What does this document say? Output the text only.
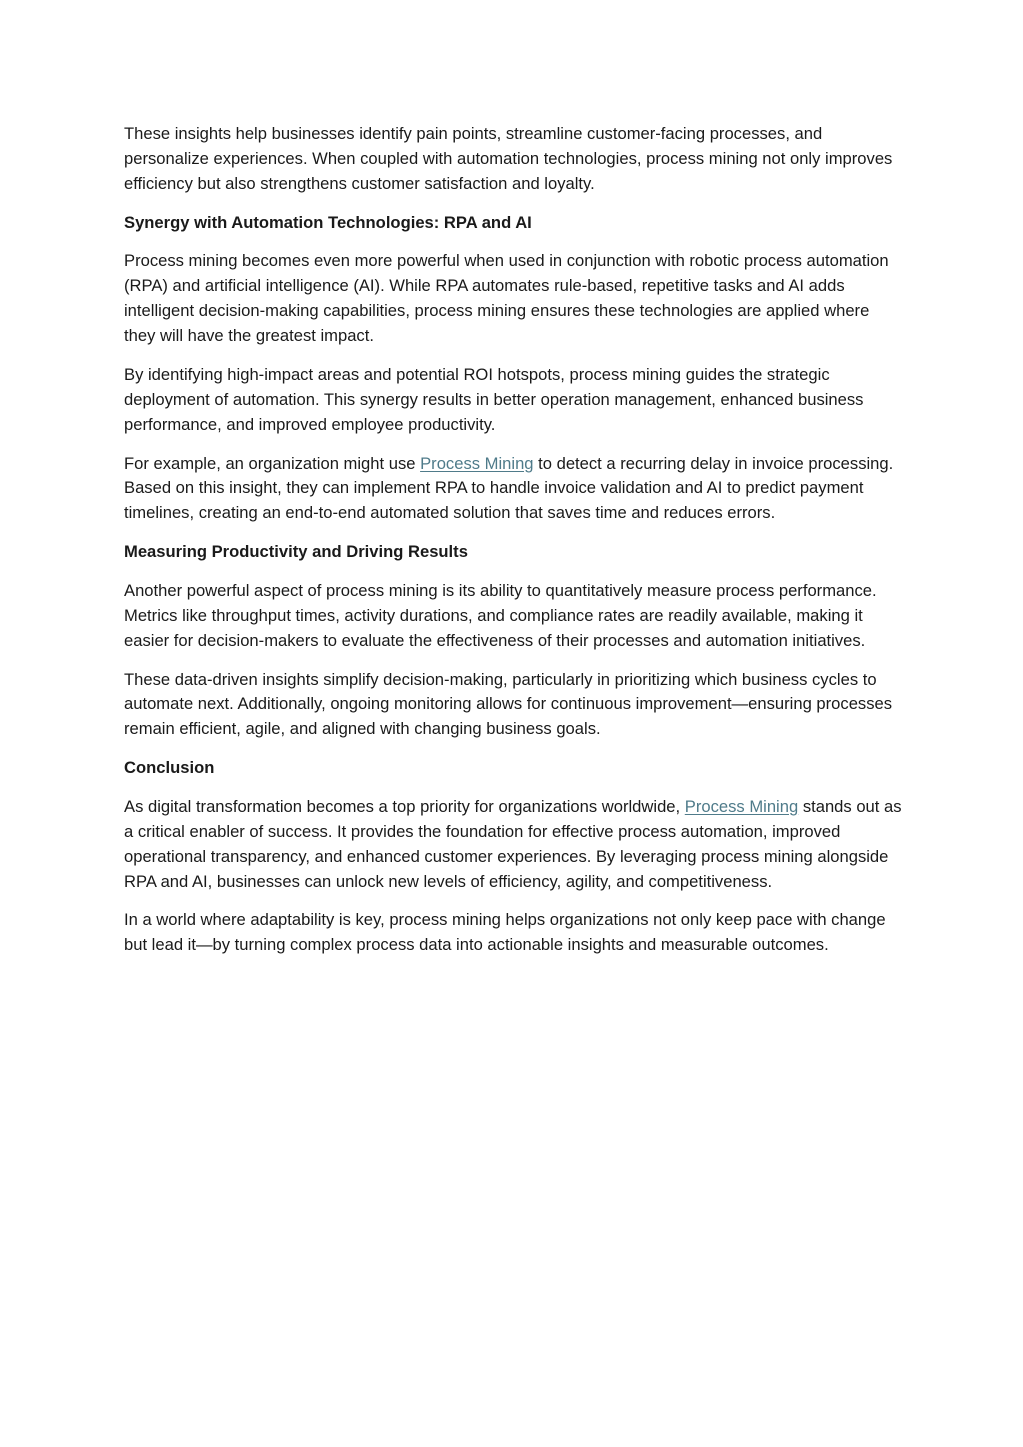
These insights help businesses identify pain points, streamline customer-facing processes, and personalize experiences. When coupled with automation technologies, process mining not only improves efficiency but also strengthens customer satisfaction and loyalty.

Synergy with Automation Technologies: RPA and AI

Process mining becomes even more powerful when used in conjunction with robotic process automation (RPA) and artificial intelligence (AI). While RPA automates rule-based, repetitive tasks and AI adds intelligent decision-making capabilities, process mining ensures these technologies are applied where they will have the greatest impact.

By identifying high-impact areas and potential ROI hotspots, process mining guides the strategic deployment of automation. This synergy results in better operation management, enhanced business performance, and improved employee productivity.

For example, an organization might use Process Mining to detect a recurring delay in invoice processing. Based on this insight, they can implement RPA to handle invoice validation and AI to predict payment timelines, creating an end-to-end automated solution that saves time and reduces errors.

Measuring Productivity and Driving Results

Another powerful aspect of process mining is its ability to quantitatively measure process performance. Metrics like throughput times, activity durations, and compliance rates are readily available, making it easier for decision-makers to evaluate the effectiveness of their processes and automation initiatives.

These data-driven insights simplify decision-making, particularly in prioritizing which business cycles to automate next. Additionally, ongoing monitoring allows for continuous improvement—ensuring processes remain efficient, agile, and aligned with changing business goals.

Conclusion

As digital transformation becomes a top priority for organizations worldwide, Process Mining stands out as a critical enabler of success. It provides the foundation for effective process automation, improved operational transparency, and enhanced customer experiences. By leveraging process mining alongside RPA and AI, businesses can unlock new levels of efficiency, agility, and competitiveness.

In a world where adaptability is key, process mining helps organizations not only keep pace with change but lead it—by turning complex process data into actionable insights and measurable outcomes.
